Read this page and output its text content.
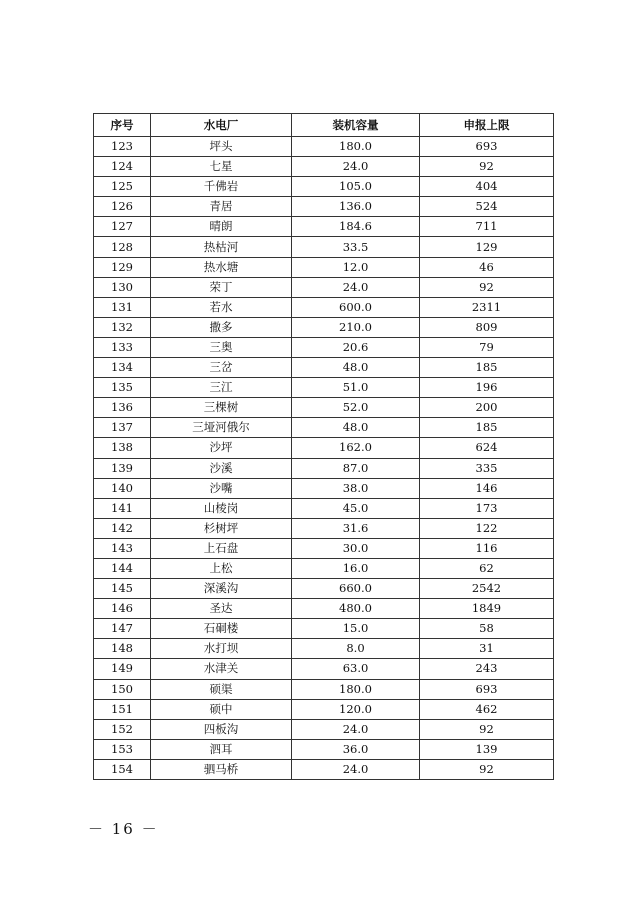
序号	水电厂	装机容量	申报上限
123	坪头	180.0	693
124	七星	24.0	92
125	千佛岩	105.0	404
126	青居	136.0	524
127	晴朗	184.6	711
128	热枯河	33.5	129
129	热水塘	12.0	46
130	荣丁	24.0	92
131	若水	600.0	2311
132	撒多	210.0	809
133	三奥	20.6	79
134	三岔	48.0	185
135	三江	51.0	196
136	三棵树	52.0	200
137	三垭河俄尔	48.0	185
138	沙坪	162.0	624
139	沙溪	87.0	335
140	沙嘴	38.0	146
141	山棱岗	45.0	173
142	杉树坪	31.6	122
143	上石盘	30.0	116
144	上松	16.0	62
145	深溪沟	660.0	2542
146	圣达	480.0	1849
147	石硐楼	15.0	58
148	水打坝	8.0	31
149	水津关	63.0	243
150	硕渠	180.0	693
151	硕中	120.0	462
152	四板沟	24.0	92
153	泗耳	36.0	139
154	驷马桥	24.0	92
－ 16 －
